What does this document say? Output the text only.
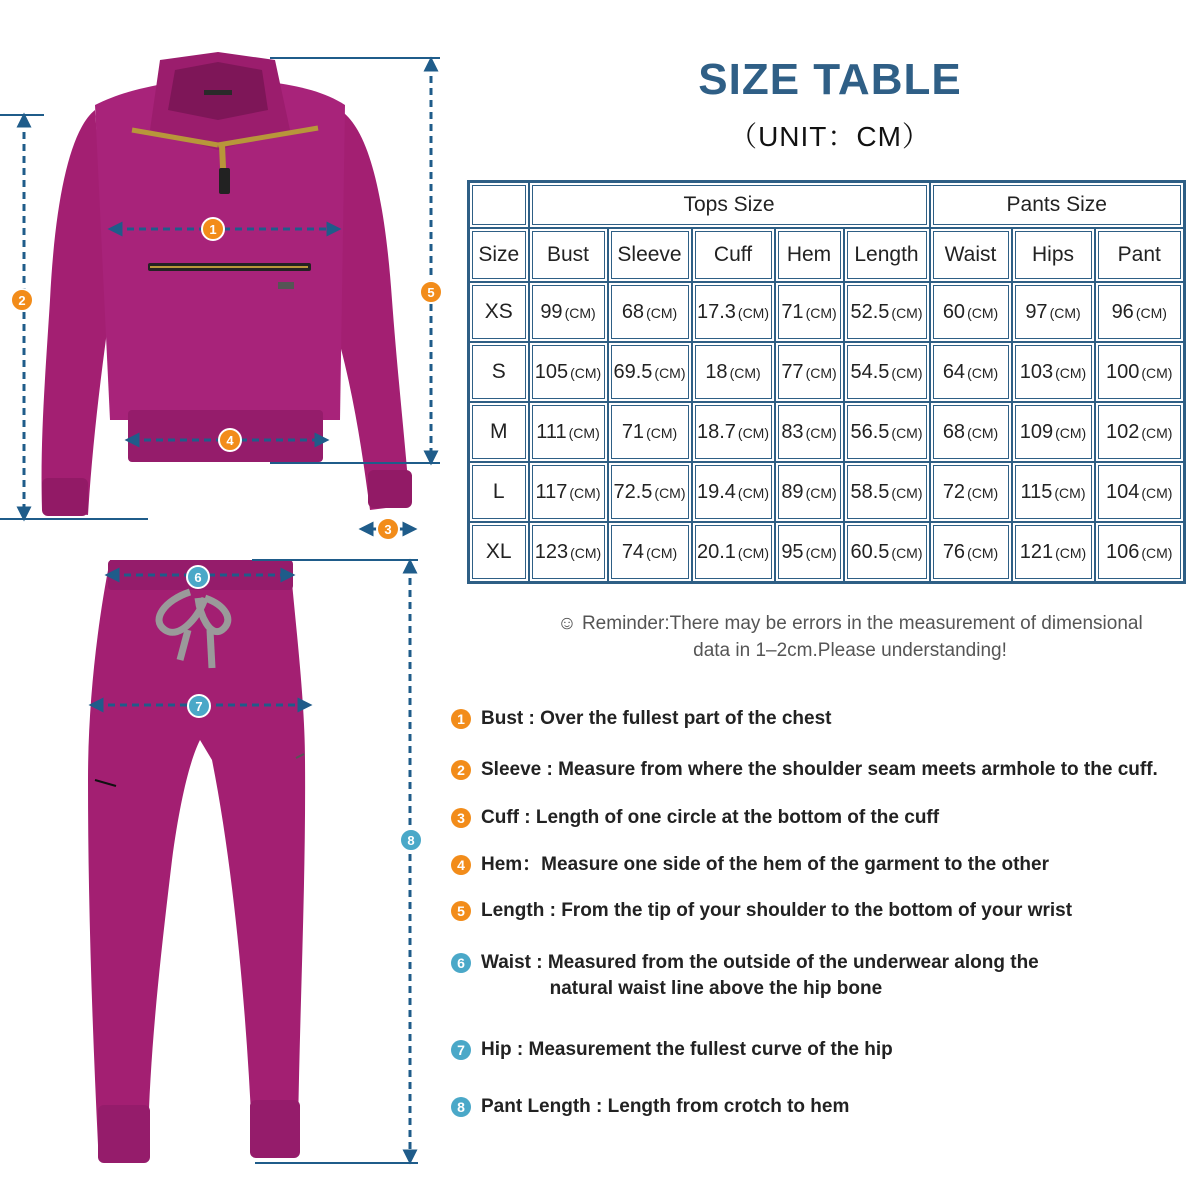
1
2
3
4
5
6
7
8
SIZE TABLE
（UNIT：CM）
	Tops Size					Pants Size		
Size	Bust	Sleeve	Cuff	Hem	Length	Waist	Hips	Pant
XS	99 (CM)	68 (CM)	17.3 (CM)	71 (CM)	52.5 (CM)	60 (CM)	97 (CM)	96 (CM)
S	105 (CM)	69.5 (CM)	18 (CM)	77 (CM)	54.5 (CM)	64 (CM)	103 (CM)	100 (CM)
M	111 (CM)	71 (CM)	18.7 (CM)	83 (CM)	56.5 (CM)	68 (CM)	109 (CM)	102 (CM)
L	117 (CM)	72.5 (CM)	19.4 (CM)	89 (CM)	58.5 (CM)	72 (CM)	115 (CM)	104 (CM)
XL	123 (CM)	74 (CM)	20.1 (CM)	95 (CM)	60.5 (CM)	76 (CM)	121 (CM)	106 (CM)
☺ Reminder:There may be errors in the measurement of dimensional
data in 1–2cm.Please understanding!
1 Bust : Over the fullest part of the chest
2 Sleeve : Measure from where the shoulder seam meets armhole to the cuff.
3 Cuff : Length of one circle at the bottom of the cuff
4 Hem：Measure one side of the hem of the garment to the other
5 Length : From the tip of your shoulder to the bottom of your wrist
6 Waist : Measured from the outside of the underwear along the
natural waist line above the hip bone
7 Hip : Measurement the fullest curve of the hip
8 Pant Length : Length from crotch to hem
